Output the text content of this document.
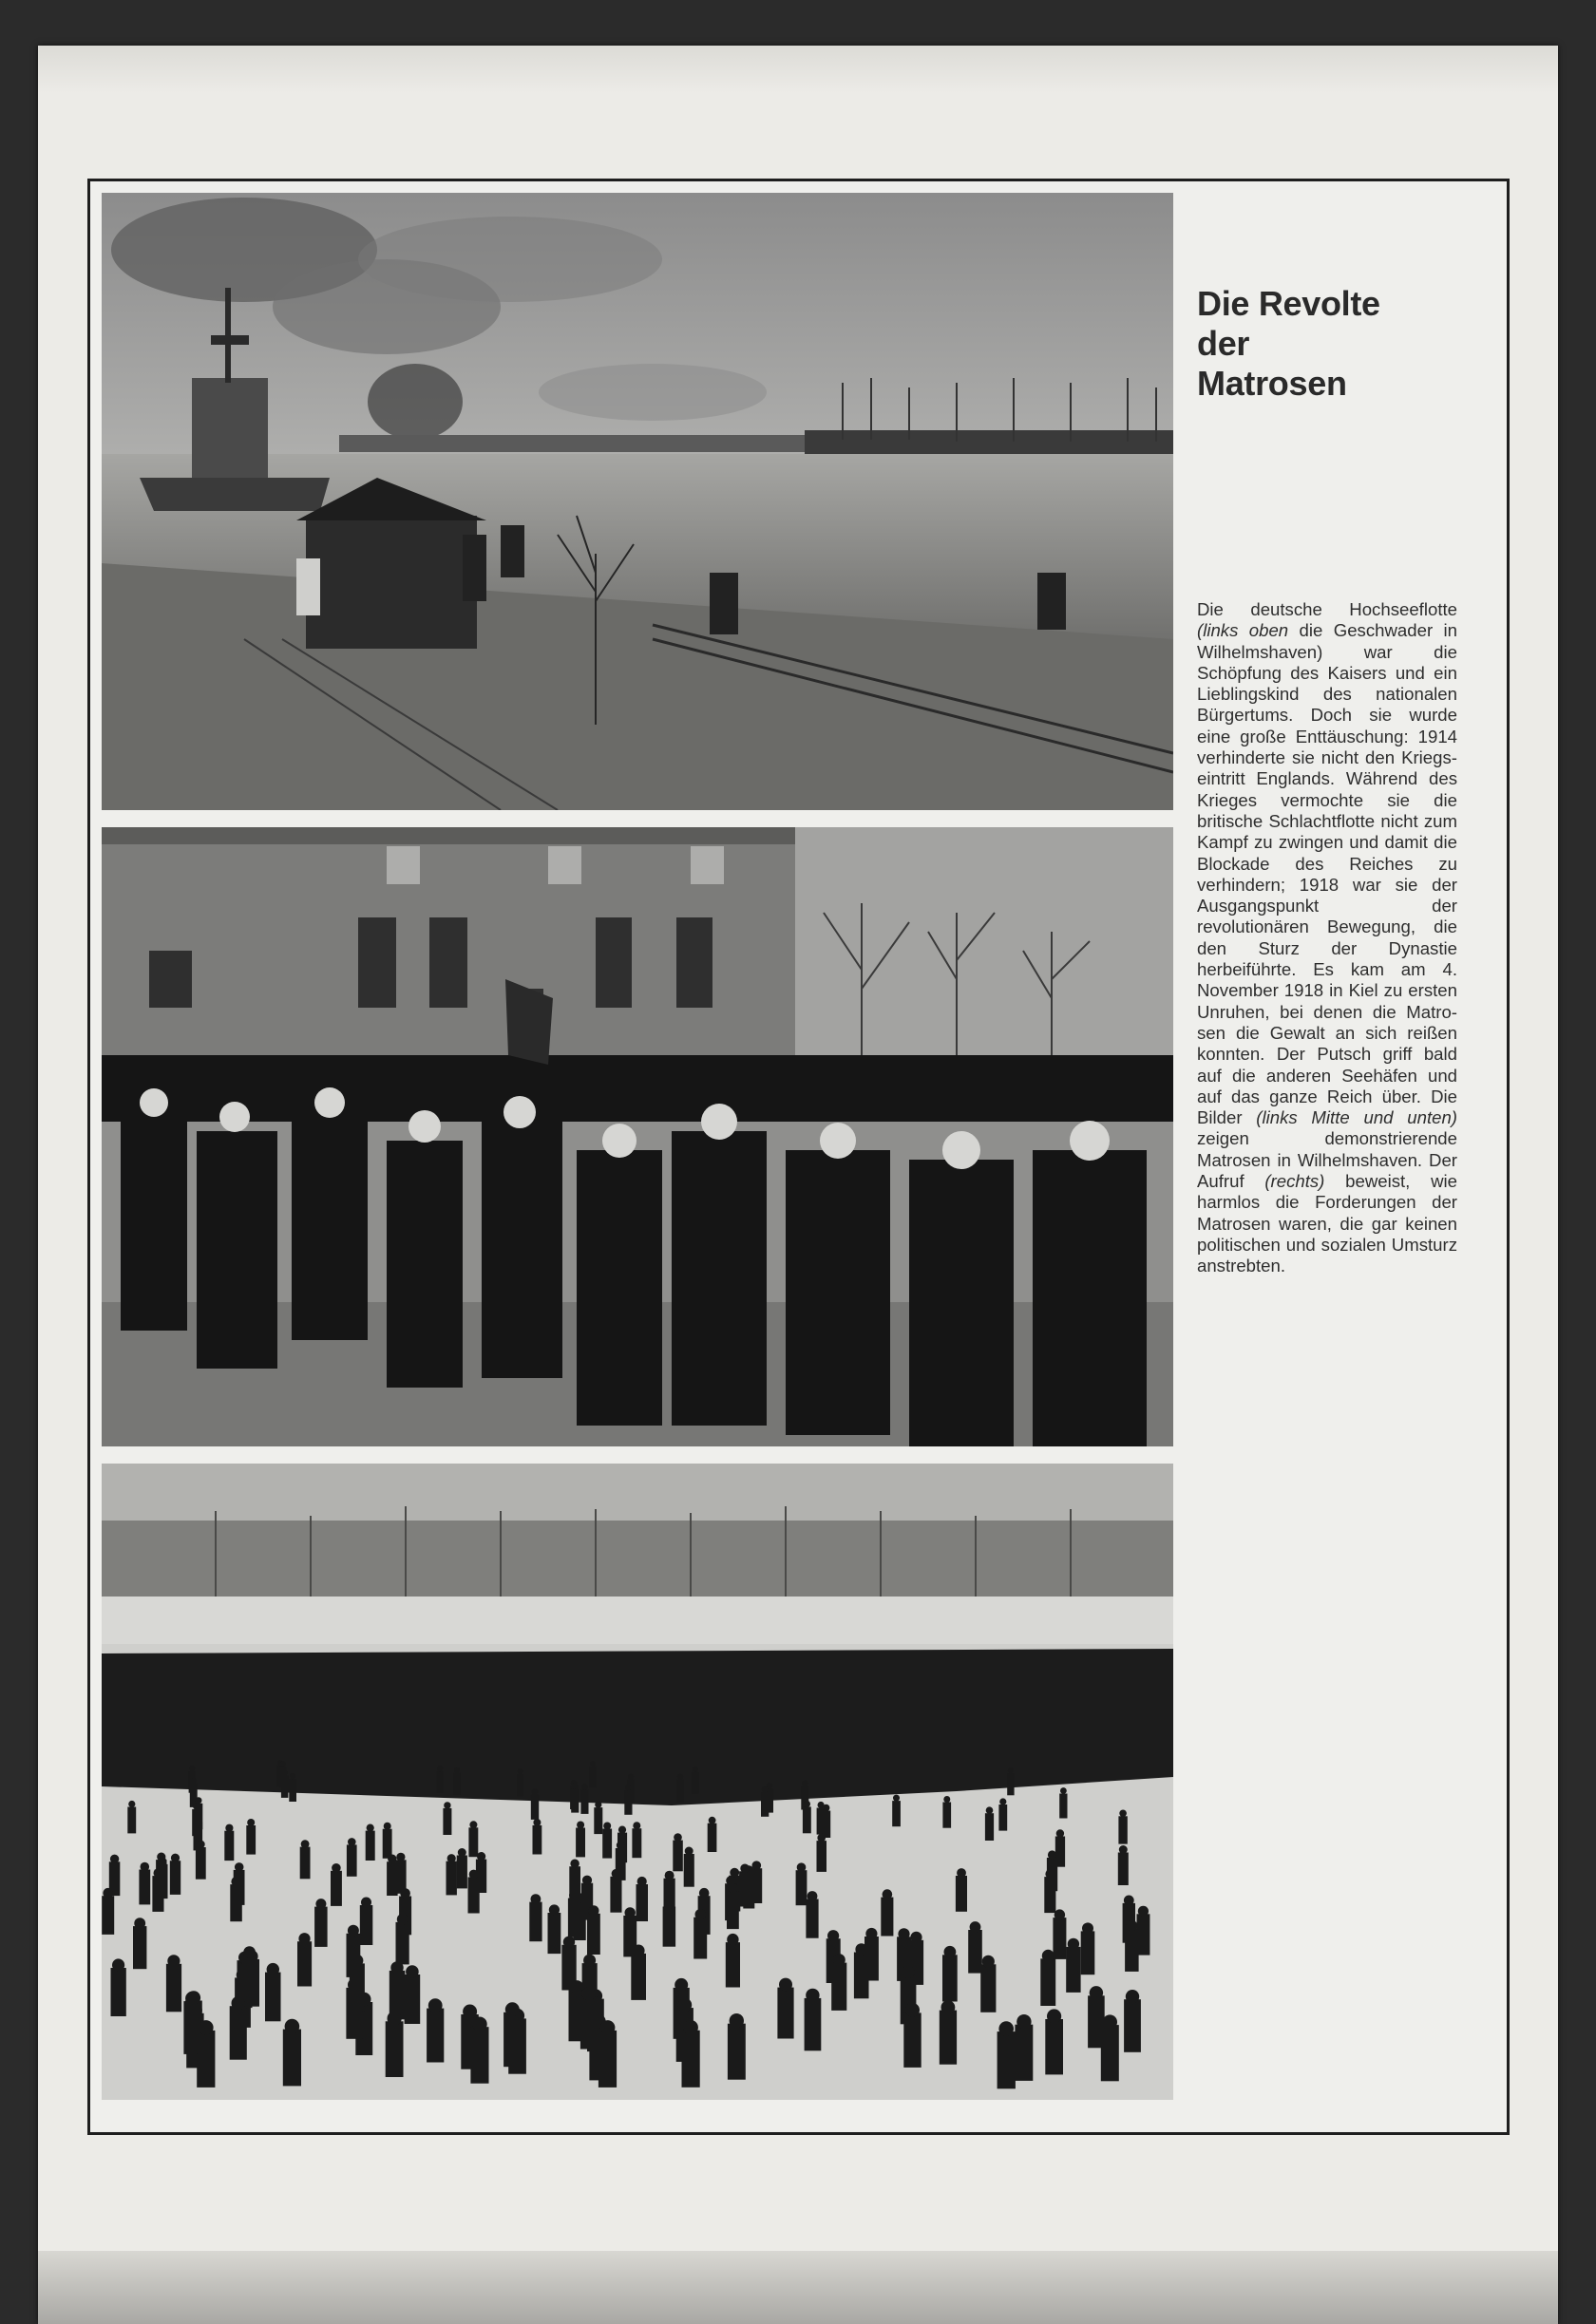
Die Revolte
der
Matrosen

Die deutsche Hochseeflotte (links oben die Geschwader in Wilhelmshaven) war die Schöpfung des Kaisers und ein Lieblingskind des nationalen Bürgertums. Doch sie wurde eine große Enttäuschung: 1914 verhinderte sie nicht den Kriegseintritt Englands. Während des Krieges vermochte sie die britische Schlachtflotte nicht zum Kampf zu zwingen und damit die Blockade des Reiches zu verhindern; 1918 war sie der Ausgangspunkt der revolutionären Bewegung, die den Sturz der Dynastie herbeiführte. Es kam am 4. November 1918 in Kiel zu ersten Unruhen, bei denen die Matrosen die Gewalt an sich reißen konnten. Der Putsch griff bald auf die anderen Seehäfen und auf das ganze Reich über. Die Bilder (links Mitte und unten) zeigen demonstrierende Matrosen in Wilhelmshaven. Der Aufruf (rechts) beweist, wie harmlos die Forderungen der Matrosen waren, die gar keinen politischen und sozialen Umsturz anstrebten.
